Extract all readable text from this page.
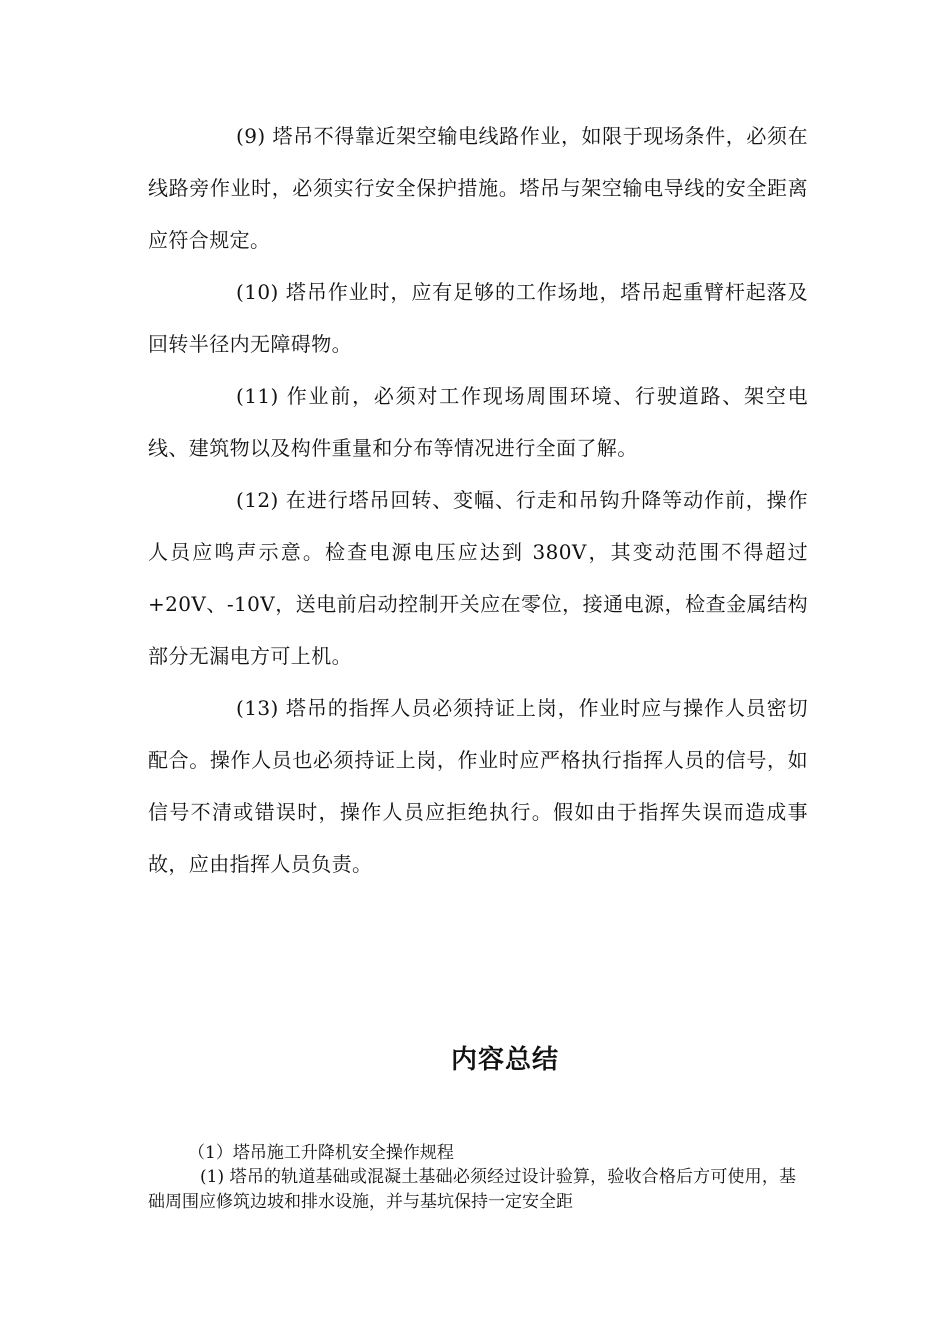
(9) 塔吊不得靠近架空输电线路作业，如限于现场条件，必须在线路旁作业时，必须实行安全保护措施。塔吊与架空输电导线的安全距离应符合规定。

(10) 塔吊作业时，应有足够的工作场地，塔吊起重臂杆起落及回转半径内无障碍物。

(11) 作业前，必须对工作现场周围环境、行驶道路、架空电线、建筑物以及构件重量和分布等情况进行全面了解。

(12) 在进行塔吊回转、变幅、行走和吊钩升降等动作前，操作人员应鸣声示意。检查电源电压应达到 380V，其变动范围不得超过+20V、-10V，送电前启动控制开关应在零位，接通电源，检查金属结构部分无漏电方可上机。

(13) 塔吊的指挥人员必须持证上岗，作业时应与操作人员密切配合。操作人员也必须持证上岗，作业时应严格执行指挥人员的信号，如信号不清或错误时，操作人员应拒绝执行。假如由于指挥失误而造成事故，应由指挥人员负责。

内容总结

（1）塔吊施工升降机安全操作规程

(1) 塔吊的轨道基础或混凝土基础必须经过设计验算，验收合格后方可使用，基础周围应修筑边坡和排水设施，并与基坑保持一定安全距
